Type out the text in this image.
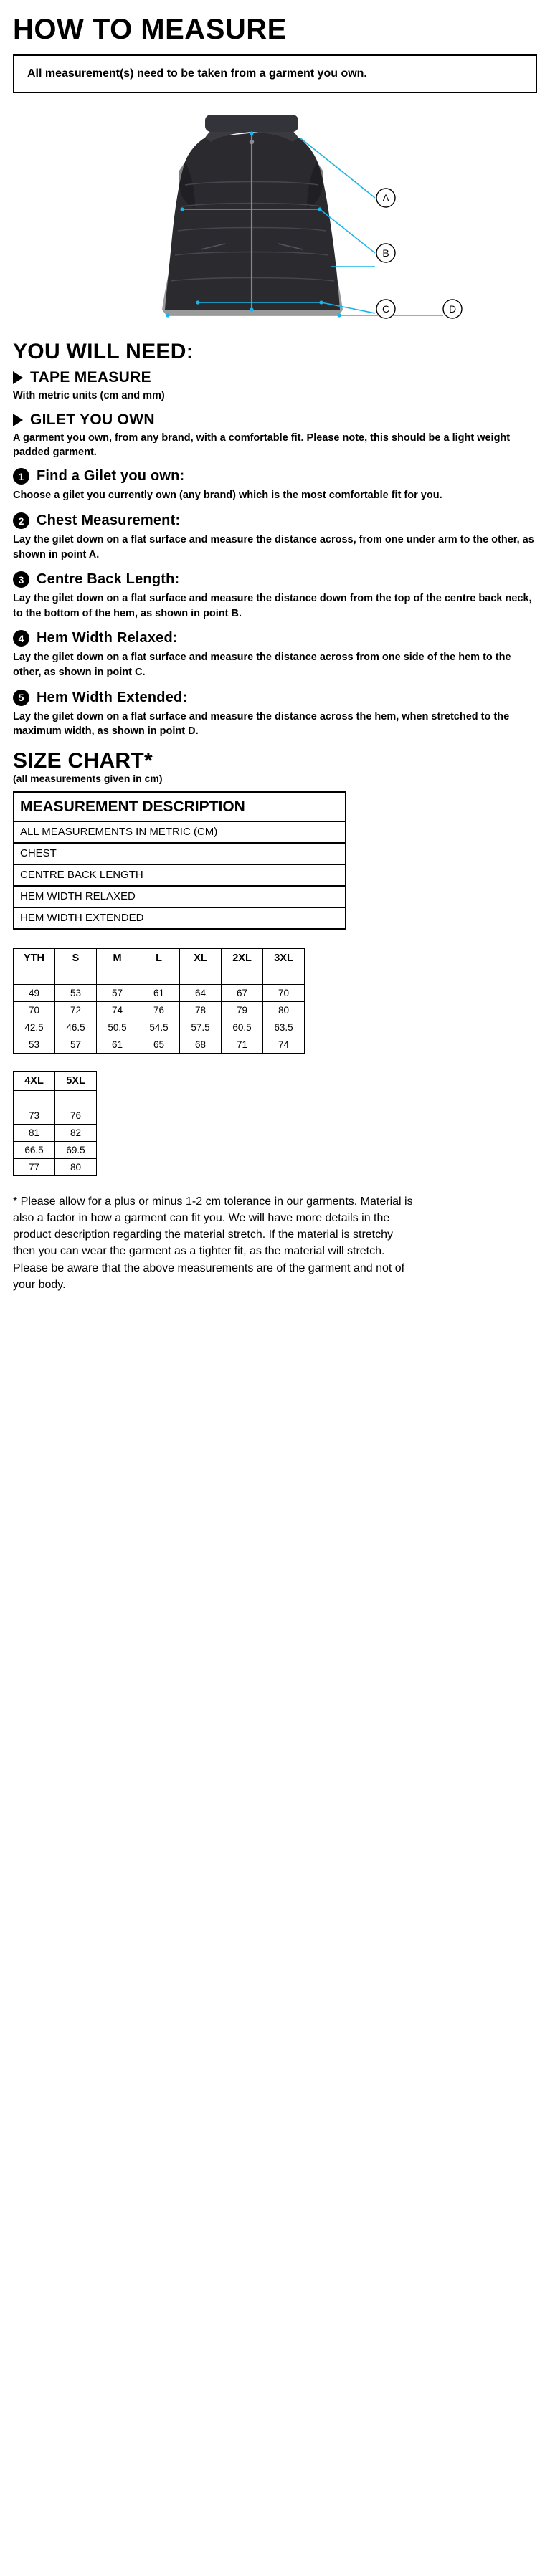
HOW TO MEASURE
All measurement(s) need to be taken from a garment you own.
A
B
C	D
YOU WILL NEED:
TAPE MEASURE
With metric units (cm and mm)
GILET YOU OWN
A garment you own, from any brand, with a comfortable fit. Please note, this should be a light weight padded garment.
1 Find a Gilet you own:
Choose a gilet you currently own (any brand) which is the most comfortable fit for you.
2 Chest Measurement:
Lay the gilet down on a flat surface and measure the distance across, from one under arm to the other, as shown in point A.
3 Centre Back Length:
Lay the gilet down on a flat surface and measure the distance down from the top of the centre back neck, to the bottom of the hem, as shown in point B.
4 Hem Width Relaxed:
Lay the gilet down on a flat surface and measure the distance across from one side of the hem to the other, as shown in point C.
5 Hem Width Extended:
Lay the gilet down on a flat surface and measure the distance across the hem, when stretched to the maximum width, as shown in point D.
SIZE CHART*
(all measurements given in cm)
MEASUREMENT DESCRIPTION
ALL MEASUREMENTS IN METRIC (CM)
CHEST
CENTRE BACK LENGTH
HEM WIDTH RELAXED
HEM WIDTH EXTENDED
YTH	S	M	L	XL	2XL	3XL

49	53	57	61	64	67	70
70	72	74	76	78	79	80
42.5	46.5	50.5	54.5	57.5	60.5	63.5
53	57	61	65	68	71	74
4XL	5XL

73	76
81	82
66.5	69.5
77	80
* Please allow for a plus or minus 1-2 cm tolerance in our garments. Material is also a factor in how a garment can fit you. We will have more details in the product description regarding the material stretch. If the material is stretchy then you can wear the garment as a tighter fit, as the material will stretch. Please be aware that the above measurements are of the garment and not of your body.
